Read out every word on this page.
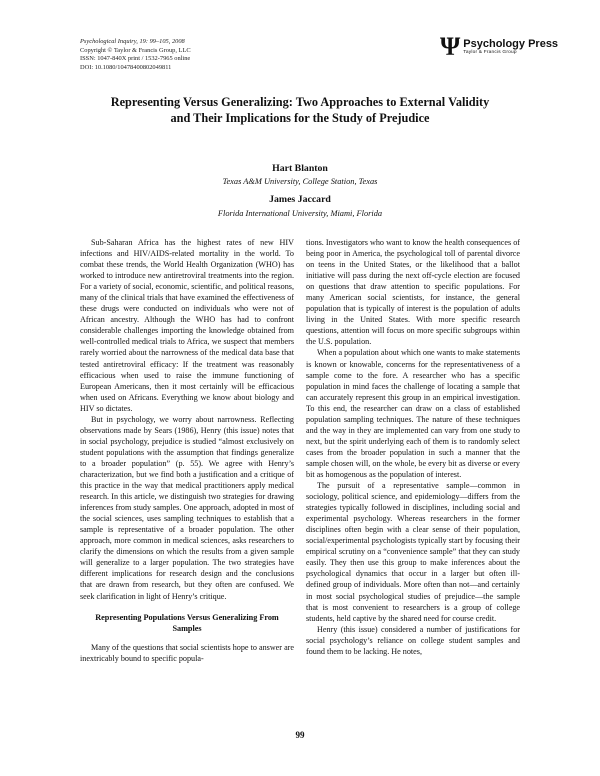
Psychological Inquiry, 19: 99–105, 2008
Copyright © Taylor & Francis Group, LLC
ISSN: 1047-840X print / 1532-7965 online
DOI: 10.1080/10478400802049811
Ψ Psychology Press
Taylor & Francis Group
Representing Versus Generalizing: Two Approaches to External Validity
and Their Implications for the Study of Prejudice
Hart Blanton
Texas A&M University, College Station, Texas
James Jaccard
Florida International University, Miami, Florida

Sub-Saharan Africa has the highest rates of new HIV infections and HIV/AIDS-related mortality in the world. To combat these trends, the World Health Organization (WHO) has worked to introduce new antiretroviral treatments into the region. For a variety of social, economic, scientific, and political reasons, many of the clinical trials that have examined the effectiveness of these drugs were conducted on individuals who were not of African ancestry. Although the WHO has had to confront considerable challenges importing the knowledge obtained from well-controlled medical trials to Africa, we suspect that members rarely worried about the narrowness of the medical data base that tested antiretroviral efficacy: If the treatment was reasonably efficacious when used to raise the immune functioning of European Americans, then it most certainly will be efficacious when used on Africans. Everything we know about biology and HIV so dictates.

But in psychology, we worry about narrowness. Reflecting observations made by Sears (1986), Henry (this issue) notes that in social psychology, prejudice is studied “almost exclusively on student populations with the assumption that findings generalize to a broader population” (p. 55). We agree with Henry’s characterization, but we find both a justification and a critique of this practice in the way that medical practitioners apply medical research. In this article, we distinguish two strategies for drawing inferences from study samples. One approach, adopted in most of the social sciences, uses sampling techniques to establish that a sample is representative of a broader population. The other approach, more common in medical sciences, asks researchers to clarify the dimensions on which the results from a given sample will generalize to a larger population. The two strategies have different implications for research design and the conclusions that are drawn from research, but they often are confused. We seek clarification in light of Henry’s critique.

Representing Populations Versus Generalizing From Samples

Many of the questions that social scientists hope to answer are inextricably bound to specific popula-

tions. Investigators who want to know the health consequences of being poor in America, the psychological toll of parental divorce on teens in the United States, or the likelihood that a ballot initiative will pass during the next off-cycle election are focused on questions that draw attention to specific populations. For many American social scientists, for instance, the general population that is typically of interest is the population of adults living in the United States. With more specific research questions, attention will focus on more specific subgroups within the U.S. population.

When a population about which one wants to make statements is known or knowable, concerns for the representativeness of a sample come to the fore. A researcher who has a specific population in mind faces the challenge of locating a sample that can accurately represent this group in an empirical investigation. To this end, the researcher can draw on a class of established population sampling techniques. The nature of these techniques and the way in they are implemented can vary from one study to next, but the spirit underlying each of them is to randomly select cases from the broader population in such a manner that the sample chosen will, on the whole, be every bit as diverse or every bit as homogenous as the population of interest.

The pursuit of a representative sample—common in sociology, political science, and epidemiology—differs from the strategies typically followed in disciplines, including social and experimental psychology. Whereas researchers in the former disciplines often begin with a clear sense of their population, social/experimental psychologists typically start by focusing their empirical scrutiny on a “convenience sample” that they can study easily. They then use this group to make inferences about the psychological dynamics that occur in a larger but often ill-defined group of individuals. More often than not—and certainly in most social psychological studies of prejudice—the sample that is most convenient to researchers is a group of college students, held captive by the shared need for course credit.

Henry (this issue) considered a number of justifications for social psychology’s reliance on college student samples and found them to be lacking. He notes,

99
